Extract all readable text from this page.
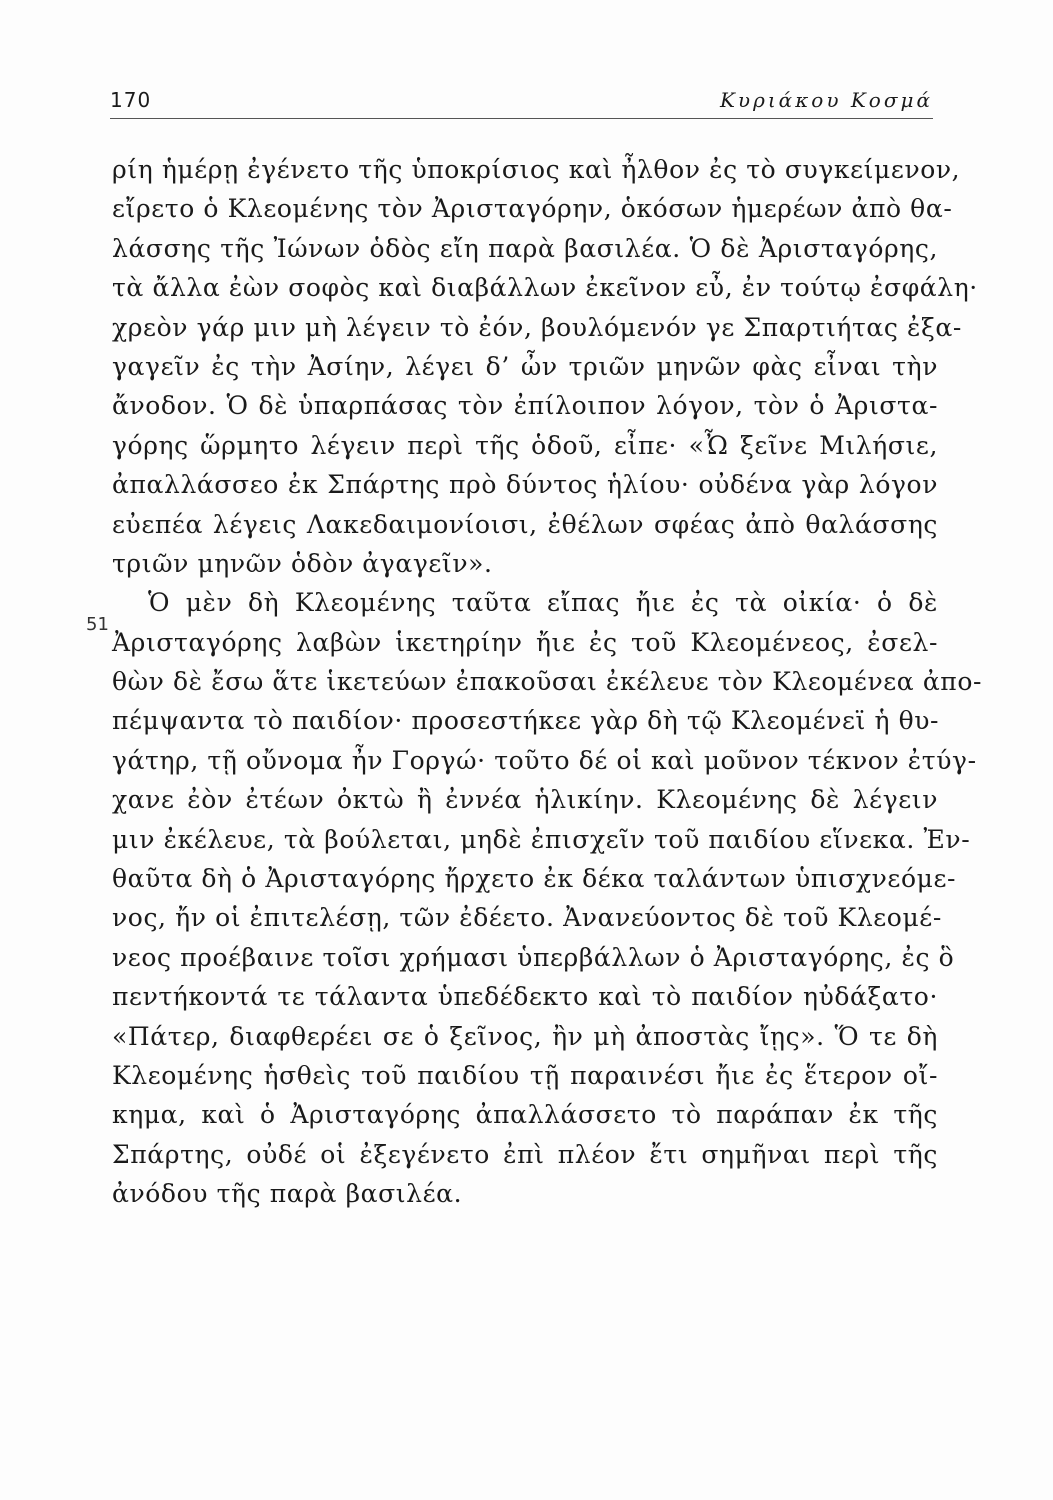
170	Κυριάκου Κοσμά
51
ρίη ἡμέρῃ ἐγένετο τῆς ὑποκρίσιος καὶ ἦλθον ἐς τὸ συγκείμενον,
εἴρετο ὁ Κλεομένης τὸν Ἀρισταγόρην, ὁκόσων ἡμερέων ἀπὸ θα-
λάσσης τῆς Ἰώνων ὁδὸς εἴη παρὰ βασιλέα. Ὁ δὲ Ἀρισταγόρης,
τὰ ἄλλα ἐὼν σοφὸς καὶ διαβάλλων ἐκεῖνον εὖ, ἐν τούτῳ ἐσφάλη·
χρεὸν γάρ μιν μὴ λέγειν τὸ ἐόν, βουλόμενόν γε Σπαρτιήτας ἐξα-
γαγεῖν ἐς τὴν Ἀσίην, λέγει δ’ ὦν τριῶν μηνῶν φὰς εἶναι τὴν
ἄνοδον. Ὁ δὲ ὑπαρπάσας τὸν ἐπίλοιπον λόγον, τὸν ὁ Ἀριστα-
γόρης ὥρμητο λέγειν περὶ τῆς ὁδοῦ, εἶπε· «Ὦ ξεῖνε Μιλήσιε,
ἀπαλλάσσεο ἐκ Σπάρτης πρὸ δύντος ἡλίου· οὐδένα γὰρ λόγον
εὐεπέα λέγεις Λακεδαιμονίοισι, ἐθέλων σφέας ἀπὸ θαλάσσης
τριῶν μηνῶν ὁδὸν ἀγαγεῖν».
Ὁ μὲν δὴ Κλεομένης ταῦτα εἴπας ἤιε ἐς τὰ οἰκία· ὁ δὲ
Ἀρισταγόρης λαβὼν ἱκετηρίην ἤιε ἐς τοῦ Κλεομένεος, ἐσελ-
θὼν δὲ ἔσω ἅτε ἱκετεύων ἐπακοῦσαι ἐκέλευε τὸν Κλεομένεα ἀπο-
πέμψαντα τὸ παιδίον· προσεστήκεε γὰρ δὴ τῷ Κλεομένεϊ ἡ θυ-
γάτηρ, τῇ οὔνομα ἦν Γοργώ· τοῦτο δέ οἱ καὶ μοῦνον τέκνον ἐτύγ-
χανε ἐὸν ἐτέων ὀκτὼ ἢ ἐννέα ἡλικίην. Κλεομένης δὲ λέγειν
μιν ἐκέλευε, τὰ βούλεται, μηδὲ ἐπισχεῖν τοῦ παιδίου εἵνεκα. Ἐν-
θαῦτα δὴ ὁ Ἀρισταγόρης ἤρχετο ἐκ δέκα ταλάντων ὑπισχνεόμε-
νος, ἤν οἱ ἐπιτελέσῃ, τῶν ἐδέετο. Ἀνανεύοντος δὲ τοῦ Κλεομέ-
νεος προέβαινε τοῖσι χρήμασι ὑπερβάλλων ὁ Ἀρισταγόρης, ἐς ὃ
πεντήκοντά τε τάλαντα ὑπεδέδεκτο καὶ τὸ παιδίον ηὐδάξατο·
«Πάτερ, διαφθερέει σε ὁ ξεῖνος, ἢν μὴ ἀποστὰς ἴῃς». Ὅ τε δὴ
Κλεομένης ἡσθεὶς τοῦ παιδίου τῇ παραινέσι ἤιε ἐς ἕτερον οἴ-
κημα, καὶ ὁ Ἀρισταγόρης ἀπαλλάσσετο τὸ παράπαν ἐκ τῆς
Σπάρτης, οὐδέ οἱ ἐξεγένετο ἐπὶ πλέον ἔτι σημῆναι περὶ τῆς
ἀνόδου τῆς παρὰ βασιλέα.
